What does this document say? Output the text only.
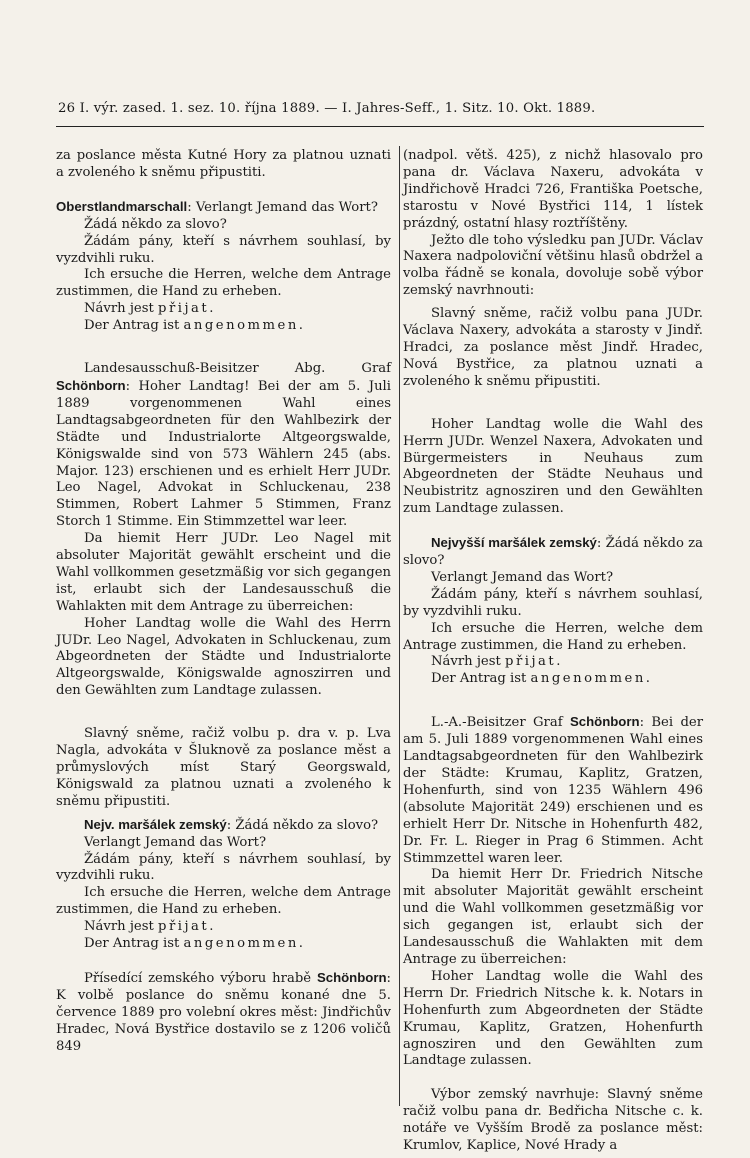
26 I. výr. zased. 1. sez. 10. října 1889. — I. Jahres-Seff., 1. Sitz. 10. Okt. 1889.

za poslance města Kutné Hory za platnou uznati a zvoleného k sněmu připustiti.

Oberstlandmarschall: Verlangt Jemand das Wort?

Žádá někdo za slovo?

Žádám pány, kteří s návrhem souhlasí, by vyzdvihli ruku.

Ich ersuche die Herren, welche dem Antrage zustimmen, die Hand zu erheben.

Návrh jest přijat.

Der Antrag ist angenommen.

Landesausschuß-Beisitzer Abg. Graf Schönborn: Hoher Landtag! Bei der am 5. Juli 1889 vorgenommenen Wahl eines Landtagsabgeordneten für den Wahlbezirk der Städte und Industrialorte Altgeorgswalde, Königswalde sind von 573 Wählern 245 (abs. Major. 123) erschienen und es erhielt Herr JUDr. Leo Nagel, Advokat in Schluckenau, 238 Stimmen, Robert Lahmer 5 Stimmen, Franz Storch 1 Stimme. Ein Stimmzettel war leer.

Da hiemit Herr JUDr. Leo Nagel mit absoluter Majorität gewählt erscheint und die Wahl vollkommen gesetzmäßig vor sich gegangen ist, erlaubt sich der Landesausschuß die Wahlakten mit dem Antrage zu überreichen:

Hoher Landtag wolle die Wahl des Herrn JUDr. Leo Nagel, Advokaten in Schluckenau, zum Abgeordneten der Städte und Industrialorte Altgeorgswalde, Königswalde agnoszirren und den Gewählten zum Landtage zulassen.

Slavný sněme, račiž volbu p. dra v. p. Lva Nagla, advokáta v Šluknově za poslance měst a průmyslových míst Starý Georgswald, Königswald za platnou uznati a zvoleného k sněmu připustiti.

Nejv. maršálek zemský: Žádá někdo za slovo?

Verlangt Jemand das Wort?

Žádám pány, kteří s návrhem souhlasí, by vyzdvihli ruku.

Ich ersuche die Herren, welche dem Antrage zustimmen, die Hand zu erheben.

Návrh jest přijat.

Der Antrag ist angenommen.

Přísedící zemského výboru hrabě Schönborn: K volbě poslance do sněmu konané dne 5. července 1889 pro volební okres měst: Jindřichův Hradec, Nová Bystřice dostavilo se z 1206 voličů 849

(nadpol. větš. 425), z nichž hlasovalo pro pana dr. Václava Naxeru, advokáta v Jindřichově Hradci 726, Františka Poetsche, starostu v Nové Bystřici 114, 1 lístek prázdný, ostatní hlasy roztříštěny.

Ježto dle toho výsledku pan JUDr. Václav Naxera nadpoloviční většinu hlasů obdržel a volba řádně se konala, dovoluje sobě výbor zemský navrhnouti:

Slavný sněme, račiž volbu pana JUDr. Václava Naxery, advokáta a starosty v Jindř. Hradci, za poslance měst Jindř. Hradec, Nová Bystřice, za platnou uznati a zvoleného k sněmu připustiti.

Hoher Landtag wolle die Wahl des Herrn JUDr. Wenzel Naxera, Advokaten und Bürgermeisters in Neuhaus zum Abgeordneten der Städte Neuhaus und Neubistritz agnosziren und den Gewählten zum Landtage zulassen.

Nejvyšší maršálek zemský: Žádá někdo za slovo?

Verlangt Jemand das Wort?

Žádám pány, kteří s návrhem souhlasí, by vyzdvihli ruku.

Ich ersuche die Herren, welche dem Antrage zustimmen, die Hand zu erheben.

Návrh jest přijat.

Der Antrag ist angenommen.

L.-A.-Beisitzer Graf Schönborn: Bei der am 5. Juli 1889 vorgenommenen Wahl eines Landtagsabgeordneten für den Wahlbezirk der Städte: Krumau, Kaplitz, Gratzen, Hohenfurth, sind von 1235 Wählern 496 (absolute Majorität 249) erschienen und es erhielt Herr Dr. Nitsche in Hohenfurth 482, Dr. Fr. L. Rieger in Prag 6 Stimmen. Acht Stimmzettel waren leer.

Da hiemit Herr Dr. Friedrich Nitsche mit absoluter Majorität gewählt erscheint und die Wahl vollkommen gesetzmäßig vor sich gegangen ist, erlaubt sich der Landesausschuß die Wahlakten mit dem Antrage zu überreichen:

Hoher Landtag wolle die Wahl des Herrn Dr. Friedrich Nitsche k. k. Notars in Hohenfurth zum Abgeordneten der Städte Krumau, Kaplitz, Gratzen, Hohenfurth agnosziren und den Gewählten zum Landtage zulassen.

Výbor zemský navrhuje: Slavný sněme račiž volbu pana dr. Bedřicha Nitsche c. k. notáře ve Vyšším Brodě za poslance měst: Krumlov, Kaplice, Nové Hrady a
